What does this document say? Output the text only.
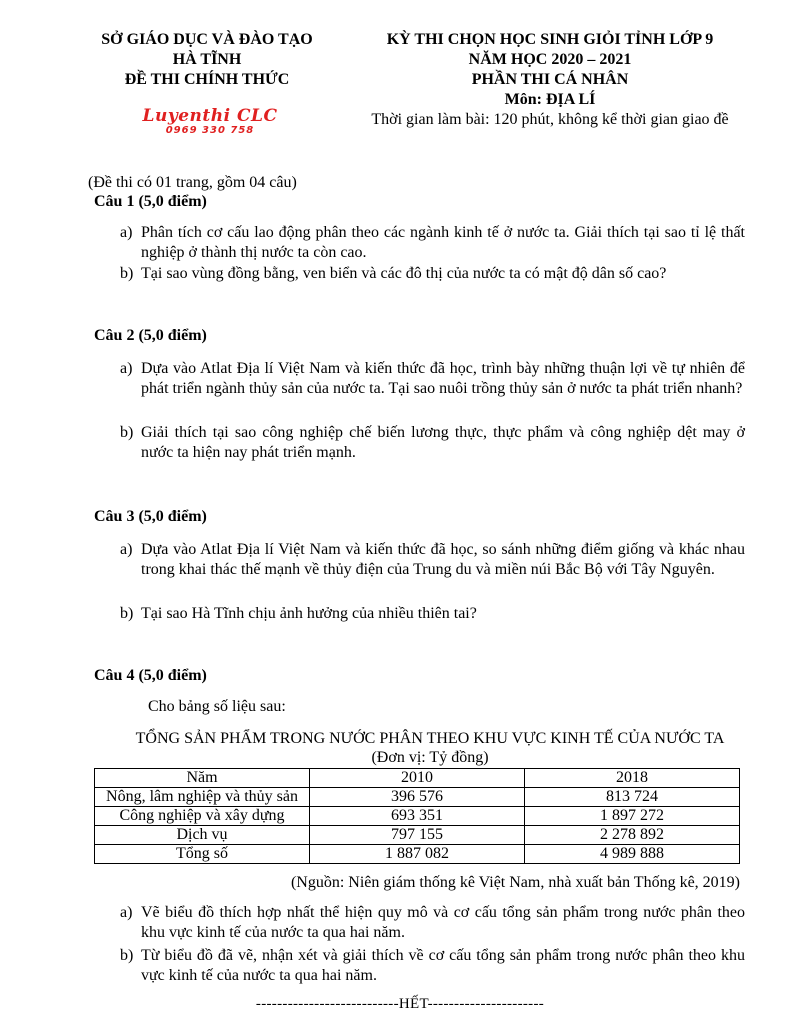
SỞ GIÁO DỤC VÀ ĐÀO TẠO
HÀ TĨNH
ĐỀ THI CHÍNH THỨC
KỲ THI CHỌN HỌC SINH GIỎI TỈNH LỚP 9
NĂM HỌC 2020 – 2021
PHẦN THI CÁ NHÂN
Môn: ĐỊA LÍ
Thời gian làm bài: 120 phút, không kể thời gian giao đề
Luyenthi CLC
0969 330 758
(Đề thi có 01 trang, gồm 04 câu)
Câu 1 (5,0 điểm)
a) Phân tích cơ cấu lao động phân theo các ngành kinh tế ở nước ta. Giải thích tại sao tỉ lệ thất nghiệp ở thành thị nước ta còn cao.
b) Tại sao vùng đồng bằng, ven biển và các đô thị của nước ta có mật độ dân số cao?
Câu 2 (5,0 điểm)
a) Dựa vào Atlat Địa lí Việt Nam và kiến thức đã học, trình bày những thuận lợi về tự nhiên để phát triển ngành thủy sản của nước ta. Tại sao nuôi trồng thủy sản ở nước ta phát triển nhanh?
b) Giải thích tại sao công nghiệp chế biến lương thực, thực phẩm và công nghiệp dệt may ở nước ta hiện nay phát triển mạnh.
Câu 3 (5,0 điểm)
a) Dựa vào Atlat Địa lí Việt Nam và kiến thức đã học, so sánh những điểm giống và khác nhau trong khai thác thế mạnh về thủy điện của Trung du và miền núi Bắc Bộ với Tây Nguyên.
b) Tại sao Hà Tĩnh chịu ảnh hưởng của nhiều thiên tai?
Câu 4 (5,0 điểm)
Cho bảng số liệu sau:
TỔNG SẢN PHẨM TRONG NƯỚC PHÂN THEO KHU VỰC KINH TẾ CỦA NƯỚC TA
(Đơn vị: Tỷ đồng)
Năm	2010	2018
Nông, lâm nghiệp và thủy sản	396 576	813 724
Công nghiệp và xây dựng	693 351	1 897 272
Dịch vụ	797 155	2 278 892
Tổng số	1 887 082	4 989 888
(Nguồn: Niên giám thống kê Việt Nam, nhà xuất bản Thống kê, 2019)
a) Vẽ biểu đồ thích hợp nhất thể hiện quy mô và cơ cấu tổng sản phẩm trong nước phân theo khu vực kinh tế của nước ta qua hai năm.
b) Từ biểu đồ đã vẽ, nhận xét và giải thích về cơ cấu tổng sản phẩm trong nước phân theo khu vực kinh tế của nước ta qua hai năm.
---------------------------HẾT----------------------
